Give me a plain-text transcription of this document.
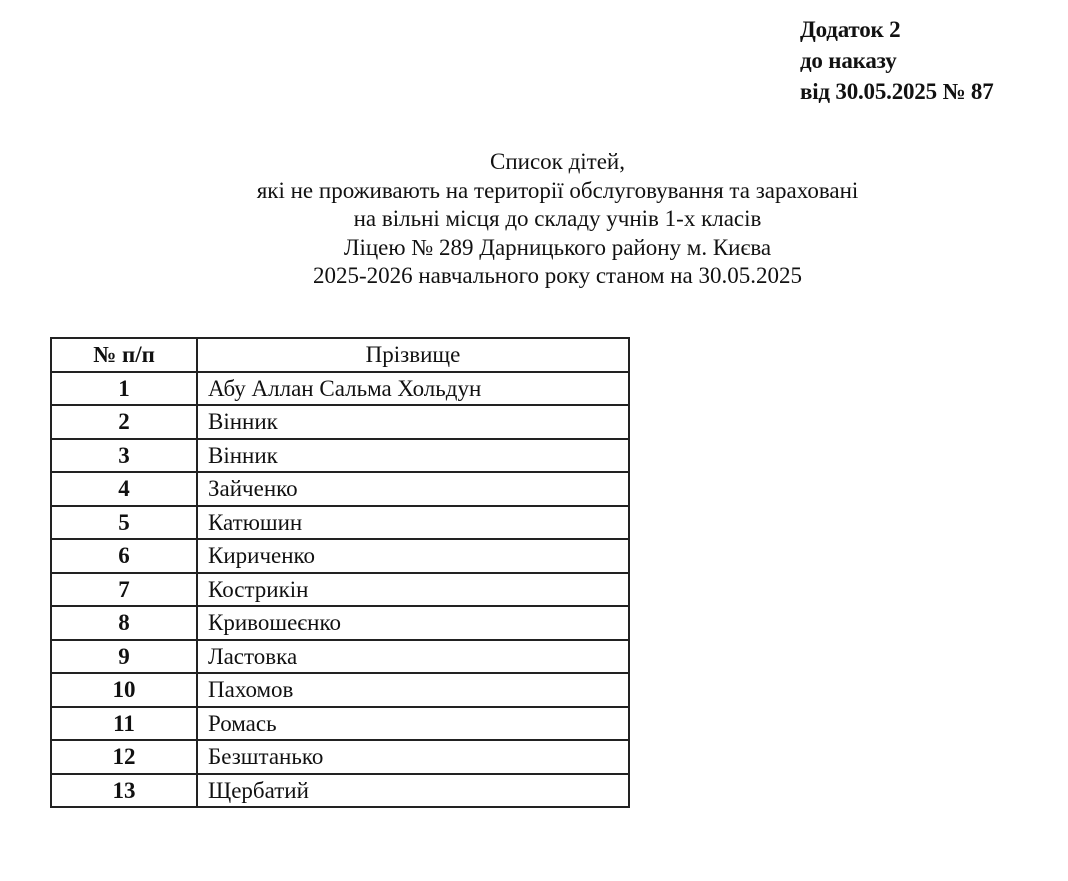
Додаток 2
до наказу
від 30.05.2025 № 87
Список дітей,
які не проживають на території обслуговування та зараховані
на вільні місця до складу учнів 1-х класів
Ліцею № 289 Дарницького району м. Києва
2025-2026 навчального року станом на 30.05.2025
№ п/п	Прізвище
1	Абу Аллан Сальма Хольдун
2	Вінник
3	Вінник
4	Зайченко
5	Катюшин
6	Кириченко
7	Кострикін
8	Кривошеєнко
9	Ластовка
10	Пахомов
11	Ромась
12	Безштанько
13	Щербатий
